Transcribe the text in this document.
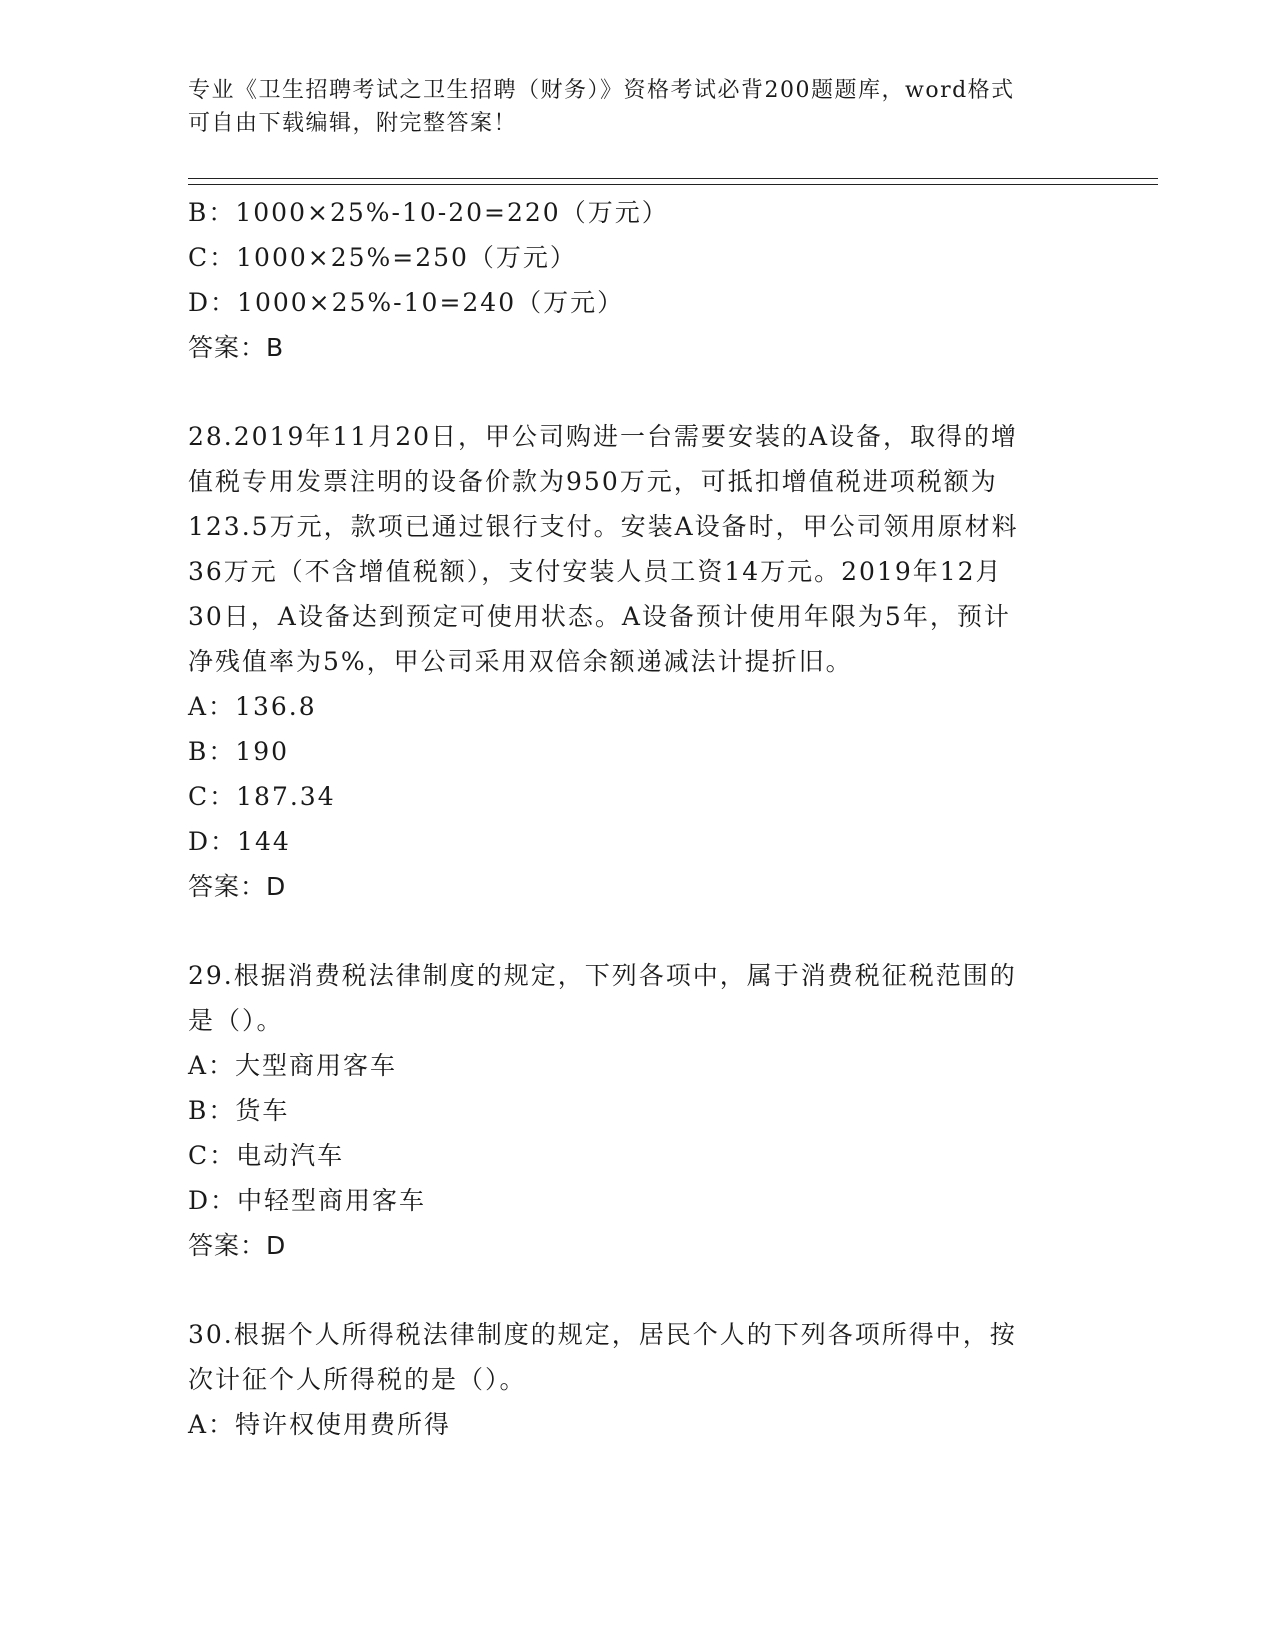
专业《卫生招聘考试之卫生招聘（财务）》资格考试必背200题题库，word格式
可自由下载编辑，附完整答案！
B：1000×25%-10-20=220（万元）
C：1000×25%=250（万元）
D：1000×25%-10=240（万元）
答案：B
28.2019年11月20日，甲公司购进一台需要安装的A设备，取得的增
值税专用发票注明的设备价款为950万元，可抵扣增值税进项税额为
123.5万元，款项已通过银行支付。安装A设备时，甲公司领用原材料
36万元（不含增值税额），支付安装人员工资14万元。2019年12月
30日，A设备达到预定可使用状态。A设备预计使用年限为5年，预计
净残值率为5%，甲公司采用双倍余额递减法计提折旧。
A：136.8
B：190
C：187.34
D：144
答案：D
29.根据消费税法律制度的规定，下列各项中，属于消费税征税范围的
是（）。
A：大型商用客车
B：货车
C：电动汽车
D：中轻型商用客车
答案：D
30.根据个人所得税法律制度的规定，居民个人的下列各项所得中，按
次计征个人所得税的是（）。
A：特许权使用费所得
